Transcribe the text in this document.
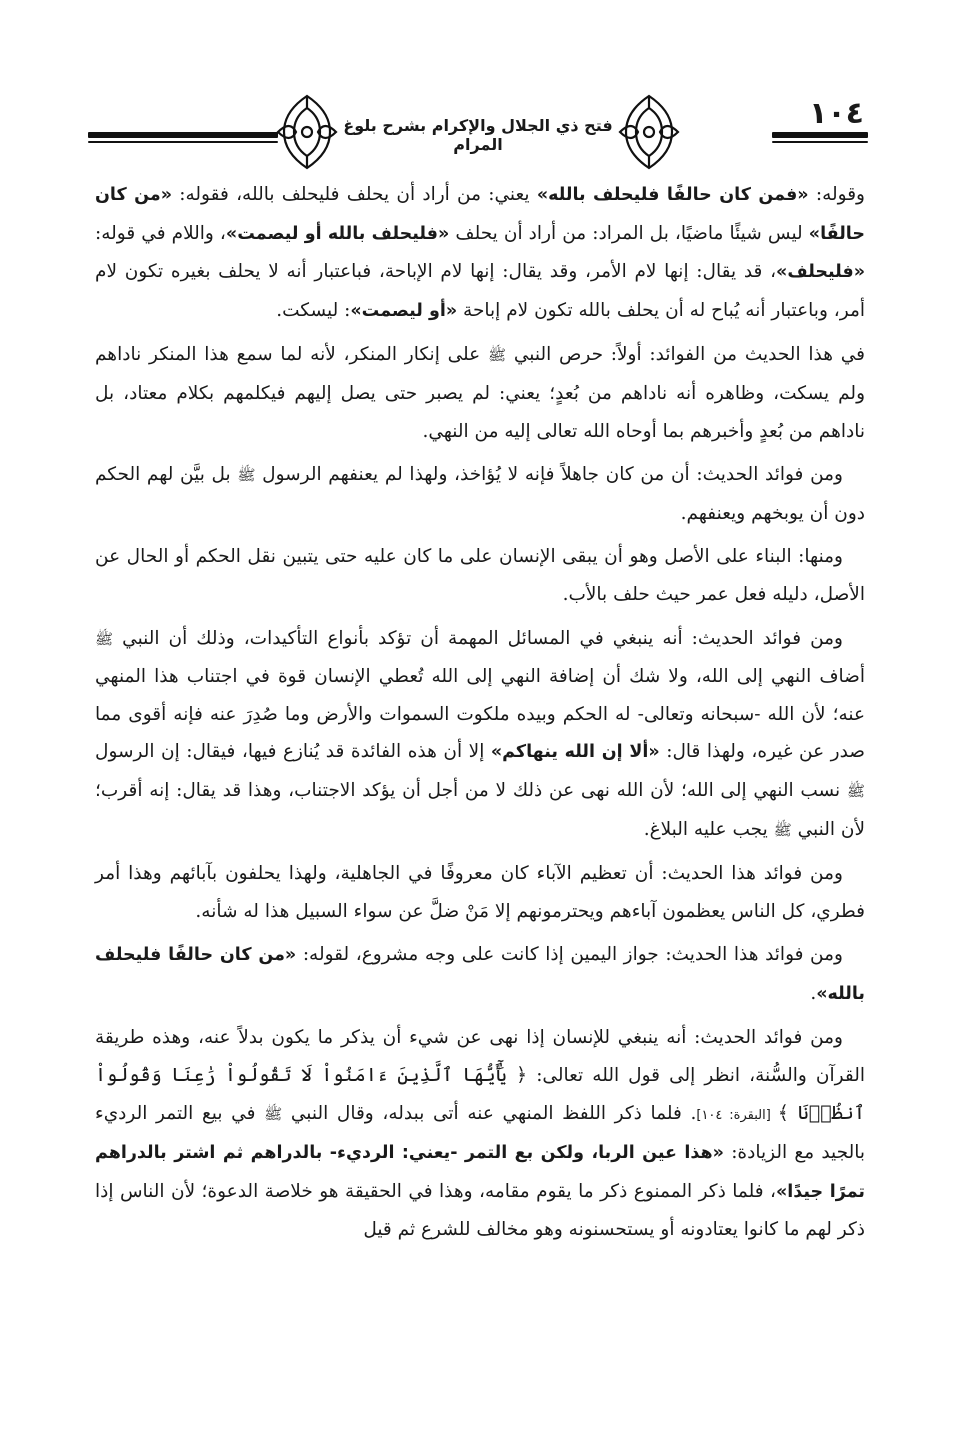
فتح ذي الجلال والإكرام بشرح بلوغ المرام
١٠٤

وقوله: «فمن كان حالفًا فليحلف بالله» يعني: من أراد أن يحلف فليحلف بالله، فقوله: «من كان حالفًا» ليس شيئًا ماضيًا، بل المراد: من أراد أن يحلف «فليحلف بالله أو ليصمت»، واللام في قوله: «فليحلف»، قد يقال: إنها لام الأمر، وقد يقال: إنها لام الإباحة، فباعتبار أنه لا يحلف بغيره تكون لام أمر، وباعتبار أنه يُباح له أن يحلف بالله تكون لام إباحة «أو ليصمت»: ليسكت.

في هذا الحديث من الفوائد: أولاً: حرص النبي ﷺ على إنكار المنكر، لأنه لما سمع هذا المنكر ناداهم ولم يسكت، وظاهره أنه ناداهم من بُعدٍ؛ يعني: لم يصبر حتى يصل إليهم فيكلمهم بكلام معتاد، بل ناداهم من بُعدٍ وأخبرهم بما أوحاه الله تعالى إليه من النهي.

ومن فوائد الحديث: أن من كان جاهلاً فإنه لا يُؤاخذ، ولهذا لم يعنفهم الرسول ﷺ بل بيَّن لهم الحكم دون أن يوبخهم ويعنفهم.

ومنها: البناء على الأصل وهو أن يبقى الإنسان على ما كان عليه حتى يتبين نقل الحكم أو الحال عن الأصل، دليله فعل عمر حيث حلف بالأب.

ومن فوائد الحديث: أنه ينبغي في المسائل المهمة أن تؤكد بأنواع التأكيدات، وذلك أن النبي ﷺ أضاف النهي إلى الله، ولا شك أن إضافة النهي إلى الله تُعطي الإنسان قوة في اجتناب هذا المنهي عنه؛ لأن الله -سبحانه وتعالى- له الحكم وبيده ملكوت السموات والأرض وما صُدِرَ عنه فإنه أقوى مما صدر عن غيره، ولهذا قال: «ألا إن الله ينهاكم» إلا أن هذه الفائدة قد يُنازع فيها، فيقال: إن الرسول ﷺ نسب النهي إلى الله؛ لأن الله نهى عن ذلك لا من أجل أن يؤكد الاجتناب، وهذا قد يقال: إنه أقرب؛ لأن النبي ﷺ يجب عليه البلاغ.

ومن فوائد هذا الحديث: أن تعظيم الآباء كان معروفًا في الجاهلية، ولهذا يحلفون بآبائهم وهذا أمر فطري، كل الناس يعظمون آباءهم ويحترمونهم إلا مَنْ ضلَّ عن سواء السبيل هذا له شأنه.

ومن فوائد هذا الحديث: جواز اليمين إذا كانت على وجه مشروع، لقوله: «من كان حالفًا فليحلف بالله».

ومن فوائد الحديث: أنه ينبغي للإنسان إذا نهى عن شيء أن يذكر ما يكون بدلاً عنه، وهذه طريقة القرآن والسُّنة، انظر إلى قول الله تعالى: ﴿ يَٰٓأَيُّهَا ٱلَّذِينَ ءَامَنُواْ لَا تَقُولُواْ رَٰعِنَا وَقُولُواْ ٱنظُرۡنَا ﴾ [البقرة: ١٠٤]. فلما ذكر اللفظ المنهي عنه أتى ببدله، وقال النبي ﷺ في بيع التمر الرديء بالجيد مع الزيادة: «هذا عين الربا، ولكن بع التمر -يعني: الرديء- بالدراهم ثم اشتر بالدراهم تمرًا جيدًا»، فلما ذكر الممنوع ذكر ما يقوم مقامه، وهذا في الحقيقة هو خلاصة الدعوة؛ لأن الناس إذا ذكر لهم ما كانوا يعتادونه أو يستحسنونه وهو مخالف للشرع ثم قيل
